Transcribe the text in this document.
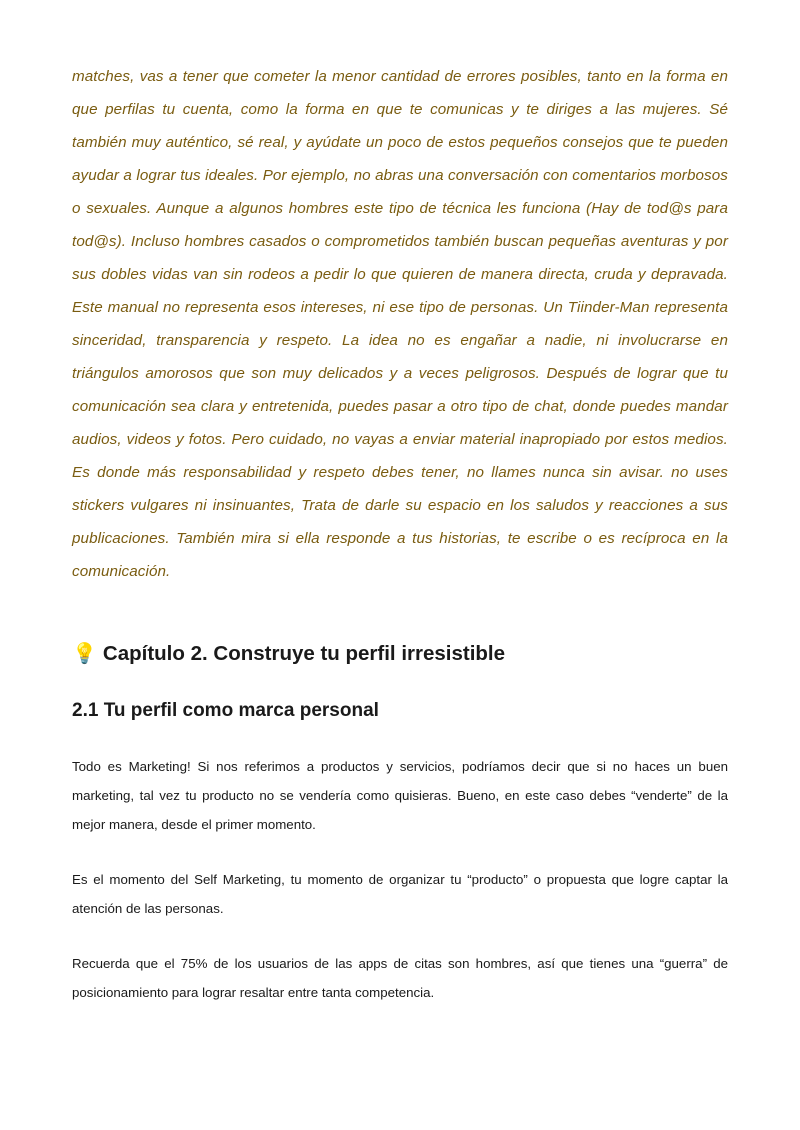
matches, vas a tener que cometer la menor cantidad de errores posibles, tanto en la forma en que perfilas tu cuenta, como la forma en que te comunicas y te diriges a las mujeres. Sé también muy auténtico, sé real, y ayúdate un poco de estos pequeños consejos que te pueden ayudar a lograr tus ideales. Por ejemplo, no abras una conversación con comentarios morbosos o sexuales. Aunque a algunos hombres este tipo de técnica les funciona (Hay de tod@s para tod@s). Incluso hombres casados o comprometidos también buscan pequeñas aventuras y por sus dobles vidas van sin rodeos a pedir lo que quieren de manera directa, cruda y depravada. Este manual no representa esos intereses, ni ese tipo de personas. Un Tiinder-Man representa sinceridad, transparencia y respeto. La idea no es engañar a nadie, ni involucrarse en triángulos amorosos que son muy delicados y a veces peligrosos. Después de lograr que tu comunicación sea clara y entretenida, puedes pasar a otro tipo de chat, donde puedes mandar audios, videos y fotos. Pero cuidado, no vayas a enviar material inapropiado por estos medios. Es donde más responsabilidad y respeto debes tener, no llames nunca sin avisar. no uses stickers vulgares ni insinuantes, Trata de darle su espacio en los saludos y reacciones a sus publicaciones. También mira si ella responde a tus historias, te escribe o es recíproca en la comunicación.

💡 Capítulo 2. Construye tu perfil irresistible
2.1 Tu perfil como marca personal

Todo es Marketing! Si nos referimos a productos y servicios, podríamos decir que si no haces un buen marketing, tal vez tu producto no se vendería como quisieras. Bueno, en este caso debes “venderte” de la mejor manera, desde el primer momento.

Es el momento del Self Marketing, tu momento de organizar tu “producto” o propuesta que logre captar la atención de las personas.

Recuerda que el 75% de los usuarios de las apps de citas son hombres, así que tienes una “guerra” de posicionamiento para lograr resaltar entre tanta competencia.
